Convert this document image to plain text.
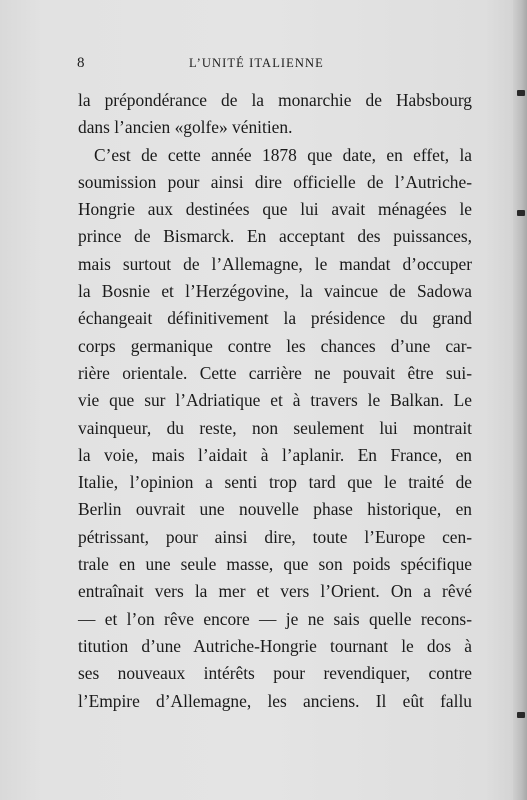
8	L’UNITÉ ITALIENNE
la prépondérance de la monarchie de Habsbourg
dans l’ancien «golfe» vénitien.
C’est de cette année 1878 que date, en effet, la
soumission pour ainsi dire officielle de l’Autriche-
Hongrie aux destinées que lui avait ménagées le
prince de Bismarck. En acceptant des puissances,
mais surtout de l’Allemagne, le mandat d’occuper
la Bosnie et l’Herzégovine, la vaincue de Sadowa
échangeait définitivement la présidence du grand
corps germanique contre les chances d’une car-
rière orientale. Cette carrière ne pouvait être sui-
vie que sur l’Adriatique et à travers le Balkan. Le
vainqueur, du reste, non seulement lui montrait
la voie, mais l’aidait à l’aplanir. En France, en
Italie, l’opinion a senti trop tard que le traité de
Berlin ouvrait une nouvelle phase historique, en
pétrissant, pour ainsi dire, toute l’Europe cen-
trale en une seule masse, que son poids spécifique
entraînait vers la mer et vers l’Orient. On a rêvé
— et l’on rêve encore — je ne sais quelle recons-
titution d’une Autriche-Hongrie tournant le dos à
ses nouveaux intérêts pour revendiquer, contre
l’Empire d’Allemagne, les anciens. Il eût fallu
